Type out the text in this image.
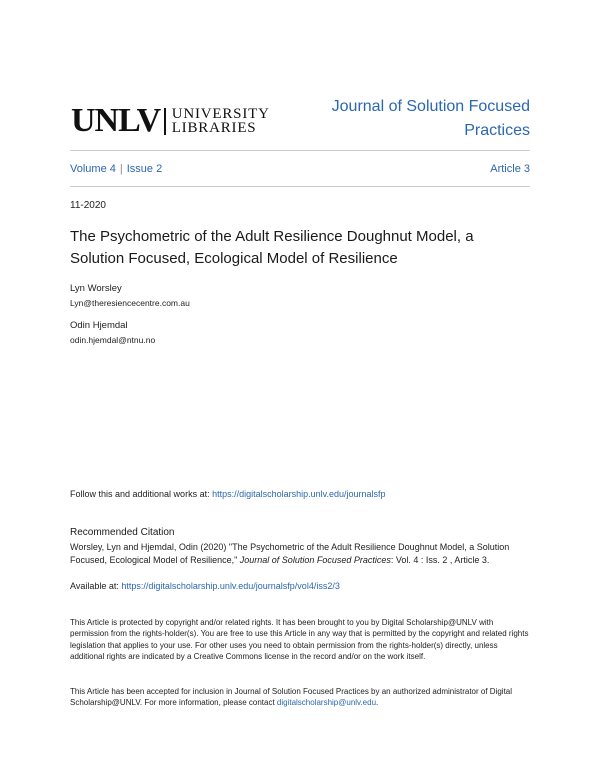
UNLV UNIVERSITY
LIBRARIES
Journal of Solution Focused Practices
Volume 4 | Issue 2	Article 3
11-2020
The Psychometric of the Adult Resilience Doughnut Model, a Solution Focused, Ecological Model of Resilience
Lyn Worsley
Lyn@theresiencecentre.com.au
Odin Hjemdal
odin.hjemdal@ntnu.no
Follow this and additional works at: https://digitalscholarship.unlv.edu/journalsfp
Recommended Citation
Worsley, Lyn and Hjemdal, Odin (2020) "The Psychometric of the Adult Resilience Doughnut Model, a Solution Focused, Ecological Model of Resilience," Journal of Solution Focused Practices: Vol. 4 : Iss. 2 , Article 3.
Available at: https://digitalscholarship.unlv.edu/journalsfp/vol4/iss2/3
This Article is protected by copyright and/or related rights. It has been brought to you by Digital Scholarship@UNLV with permission from the rights-holder(s). You are free to use this Article in any way that is permitted by the copyright and related rights legislation that applies to your use. For other uses you need to obtain permission from the rights-holder(s) directly, unless additional rights are indicated by a Creative Commons license in the record and/or on the work itself.
This Article has been accepted for inclusion in Journal of Solution Focused Practices by an authorized administrator of Digital Scholarship@UNLV. For more information, please contact digitalscholarship@unlv.edu.
